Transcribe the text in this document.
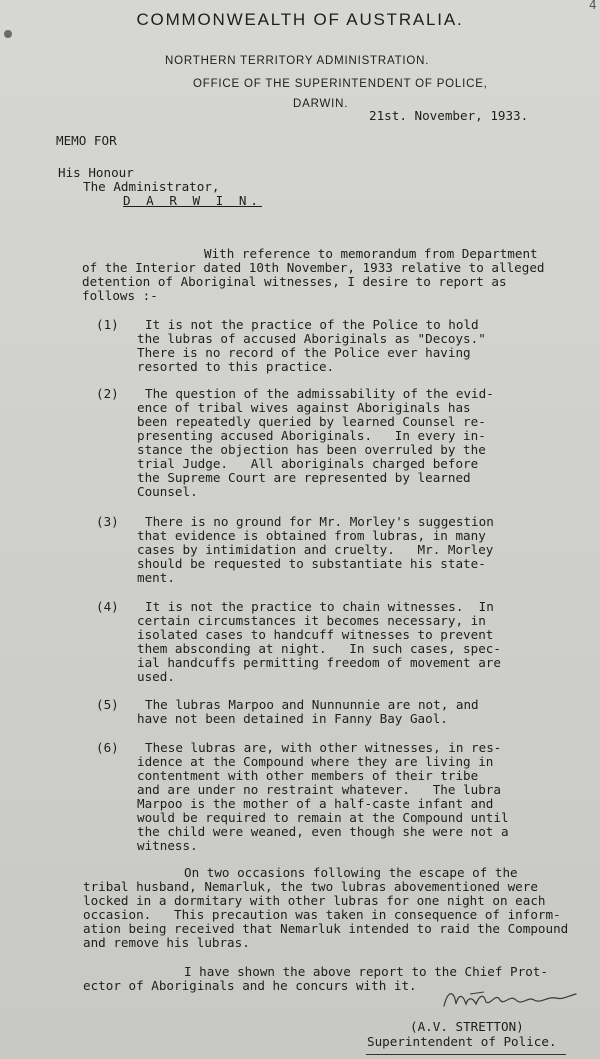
4
COMMONWEALTH OF AUSTRALIA.
NORTHERN TERRITORY ADMINISTRATION.
OFFICE OF THE SUPERINTENDENT OF POLICE,
DARWIN.
21st. November, 1933.
MEMO FOR
His Honour
The Administrator,
D A R W I N.
With reference to memorandum from Department
of the Interior dated 10th November, 1933 relative to alleged
detention of Aboriginal witnesses, I desire to report as
follows :-
(1) It is not the practice of the Police to hold
the lubras of accused Aboriginals as "Decoys."
There is no record of the Police ever having
resorted to this practice.
(2) The question of the admissability of the evid-
ence of tribal wives against Aboriginals has
been repeatedly queried by learned Counsel re-
presenting accused Aboriginals.   In every in-
stance the objection has been overruled by the
trial Judge.   All aboriginals charged before
the Supreme Court are represented by learned
Counsel.
(3) There is no ground for Mr. Morley's suggestion
that evidence is obtained from lubras, in many
cases by intimidation and cruelty.   Mr. Morley
should be requested to substantiate his state-
ment.
(4) It is not the practice to chain witnesses.  In
certain circumstances it becomes necessary, in
isolated cases to handcuff witnesses to prevent
them absconding at night.   In such cases, spec-
ial handcuffs permitting freedom of movement are
used.
(5) The lubras Marpoo and Nunnunnie are not, and
have not been detained in Fanny Bay Gaol.
(6) These lubras are, with other witnesses, in res-
idence at the Compound where they are living in
contentment with other members of their tribe
and are under no restraint whatever.   The lubra
Marpoo is the mother of a half-caste infant and
would be required to remain at the Compound until
the child were weaned, even though she were not a
witness.
On two occasions following the escape of the
tribal husband, Nemarluk, the two lubras abovementioned were
locked in a dormitary with other lubras for one night on each
occasion.   This precaution was taken in consequence of inform-
ation being received that Nemarluk intended to raid the Compound
and remove his lubras.
I have shown the above report to the Chief Prot-
ector of Aboriginals and he concurs with it.
(A.V. STRETTON)
Superintendent of Police.
